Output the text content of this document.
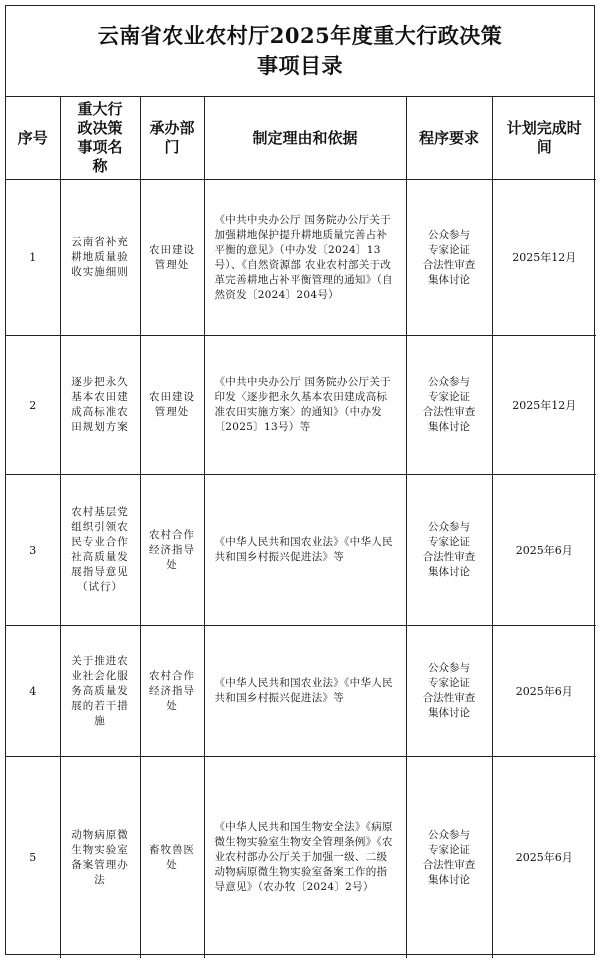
云南省农业农村厅2025年度重大行政决策
事项目录
序号	重大行政决策事项名称	承办部门	制定理由和依据	程序要求	计划完成时间
1	云南省补充耕地质量验收实施细则	农田建设管理处	《中共中央办公厅 国务院办公厅关于加强耕地保护提升耕地质量完善占补平衡的意见》（中办发〔2024〕13号）、《自然资源部 农业农村部关于改革完善耕地占补平衡管理的通知》（自然资发〔2024〕204号）	公众参与
专家论证
合法性审查
集体讨论	2025年12月
2	逐步把永久基本农田建成高标准农田规划方案	农田建设管理处	《中共中央办公厅 国务院办公厅关于印发〈逐步把永久基本农田建成高标准农田实施方案〉的通知》（中办发〔2025〕13号）等	公众参与
专家论证
合法性审查
集体讨论	2025年12月
3	农村基层党组织引领农民专业合作社高质量发展指导意见（试行）	农村合作经济指导处	《中华人民共和国农业法》《中华人民共和国乡村振兴促进法》等	公众参与
专家论证
合法性审查
集体讨论	2025年6月
4	关于推进农业社会化服务高质量发展的若干措施	农村合作经济指导处	《中华人民共和国农业法》《中华人民共和国乡村振兴促进法》等	公众参与
专家论证
合法性审查
集体讨论	2025年6月
5	动物病原微生物实验室备案管理办法	畜牧兽医处	《中华人民共和国生物安全法》《病原微生物实验室生物安全管理条例》《农业农村部办公厅关于加强一级、二级动物病原微生物实验室备案工作的指导意见》（农办牧〔2024〕2号）	公众参与
专家论证
合法性审查
集体讨论	2025年6月
